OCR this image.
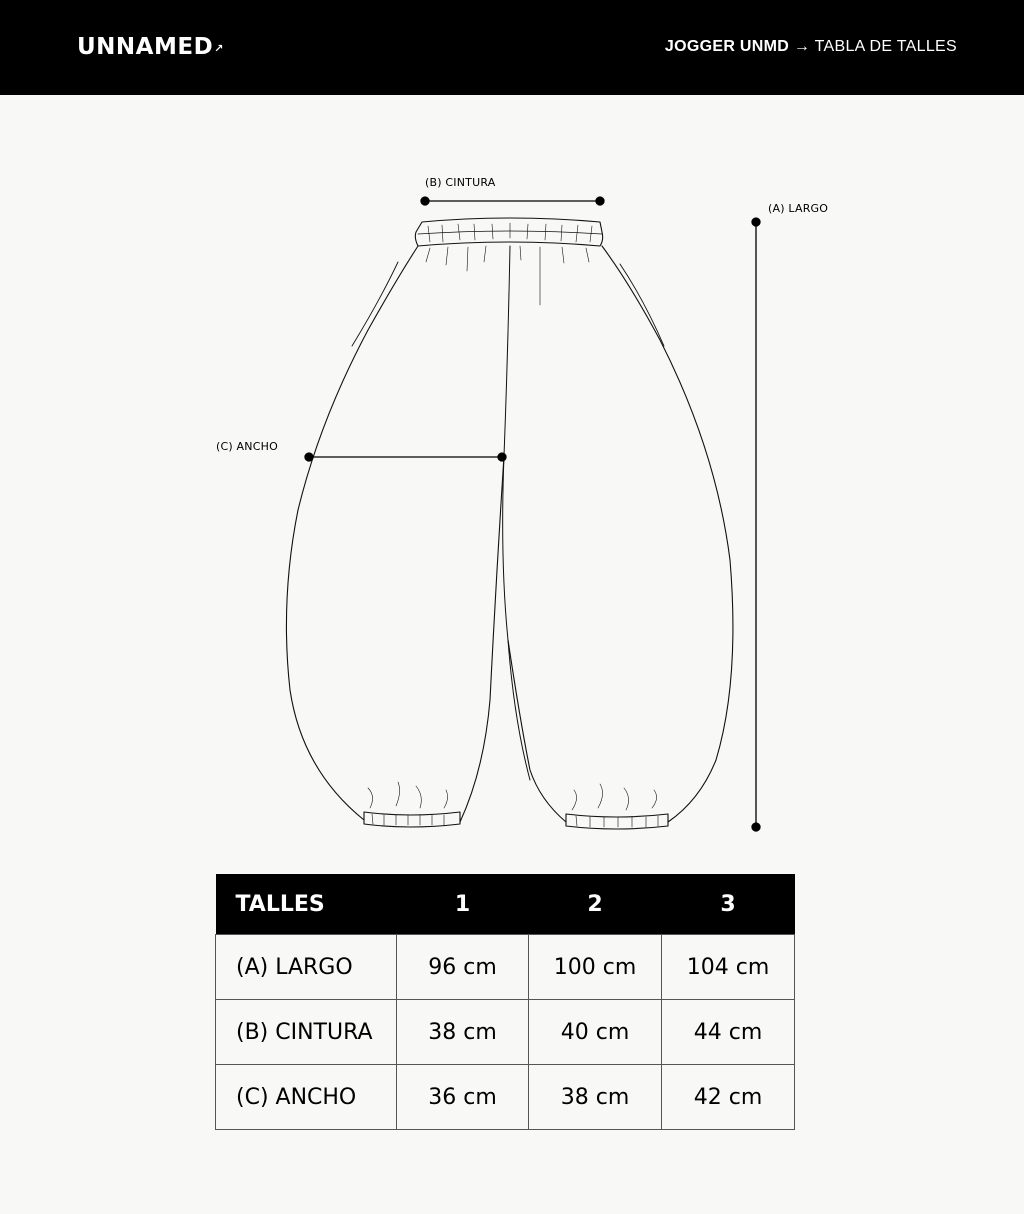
UNNAMED↗	JOGGER UNMD → TABLA DE TALLES
(B) CINTURA
(A) LARGO
(C) ANCHO
TALLES	1	2	3
(A) LARGO	96 cm	100 cm	104 cm
(B) CINTURA	38 cm	40 cm	44 cm
(C) ANCHO	36 cm	38 cm	42 cm
